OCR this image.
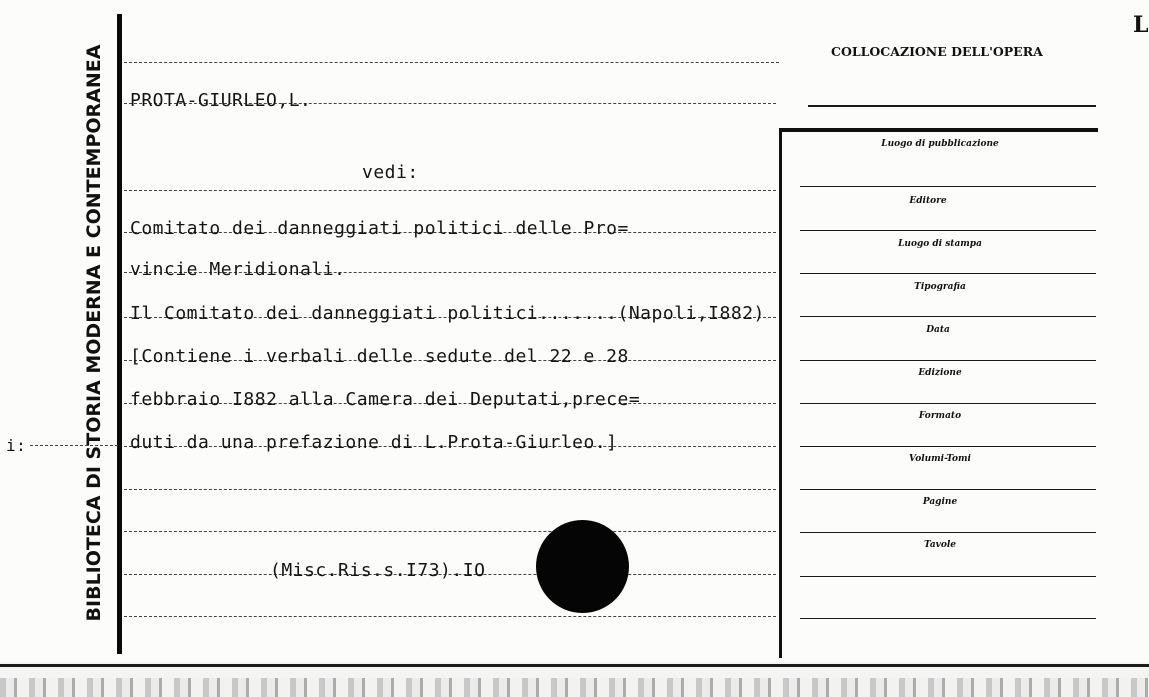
BIBLIOTECA DI STORIA MODERNA E CONTEMPORANEA
i:
COLLOCAZIONE DELL'OPERA
L
PROTA-GIURLEO,L.
vedi:
Comitato dei danneggiati politici delle Pro=
vincie Meridionali.
Il Comitato dei danneggiati politici.......(Napoli,I882)
[Contiene i verbali delle sedute del 22 e 28
febbraio I882 alla Camera dei Deputati,prece=
duti da una prefazione di L.Prota-Giurleo.]
(Misc.Ris.s.I73).IO
Luogo di pubblicazione
Editore
Luogo di stampa
Tipografia
Data
Edizione
Formato
Volumi-Tomi
Pagine
Tavole
